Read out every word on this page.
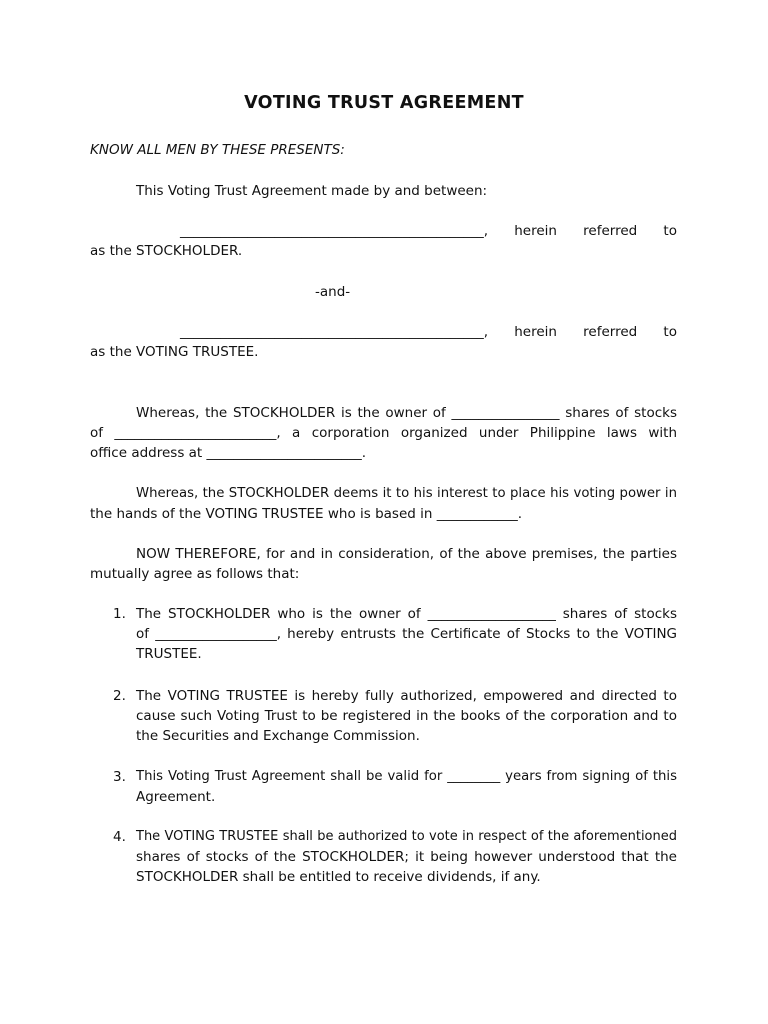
VOTING TRUST AGREEMENT
KNOW ALL MEN BY THESE PRESENTS:
This Voting Trust Agreement made by and between:
_____________________________________________, herein referred to
as the STOCKHOLDER.
-and-
_____________________________________________, herein referred to
as the VOTING TRUSTEE.
Whereas, the STOCKHOLDER is the owner of ________________ shares of stocks
of ________________________, a corporation organized under Philippine laws with
office address at _______________________.
Whereas, the STOCKHOLDER deems it to his interest to place his voting power in
the hands of the VOTING TRUSTEE who is based in ____________.
NOW THEREFORE, for and in consideration, of the above premises, the parties
mutually agree as follows that:
1. The STOCKHOLDER who is the owner of ___________________ shares of stocks
of __________________, hereby entrusts the Certificate of Stocks to the VOTING
TRUSTEE.
2. The VOTING TRUSTEE is hereby fully authorized, empowered and directed to
cause such Voting Trust to be registered in the books of the corporation and to
the Securities and Exchange Commission.
3. This Voting Trust Agreement shall be valid for ________ years from signing of this
Agreement.
4. The VOTING TRUSTEE shall be authorized to vote in respect of the aforementioned
shares of stocks of the STOCKHOLDER; it being however understood that the
STOCKHOLDER shall be entitled to receive dividends, if any.
